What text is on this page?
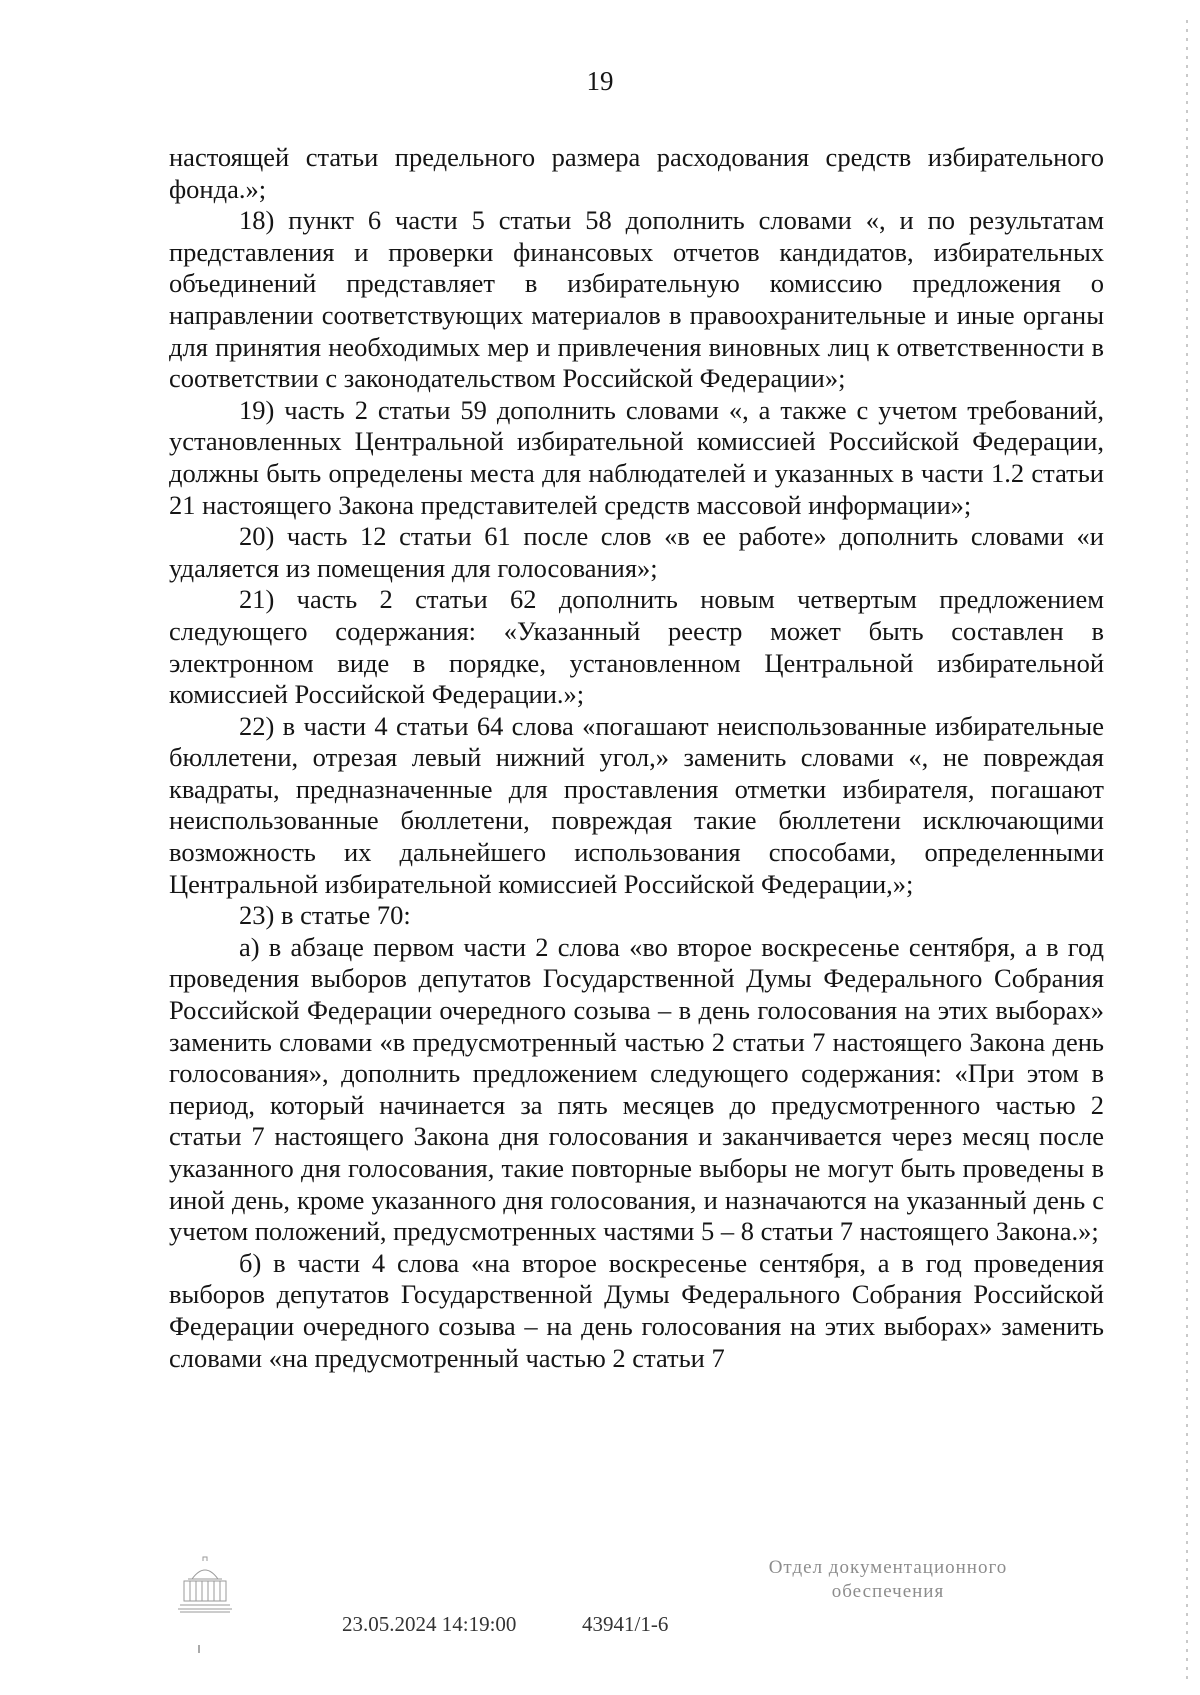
19

настоящей статьи предельного размера расходования средств избирательного фонда.»;

18) пункт 6 части 5 статьи 58 дополнить словами «, и по результатам представления и проверки финансовых отчетов кандидатов, избирательных объединений представляет в избирательную комиссию предложения о направлении соответствующих материалов в правоохранительные и иные органы для принятия необходимых мер и привлечения виновных лиц к ответственности в соответствии с законодательством Российской Федерации»;

19) часть 2 статьи 59 дополнить словами «, а также с учетом требований, установленных Центральной избирательной комиссией Российской Федерации, должны быть определены места для наблюдателей и указанных в части 1.2 статьи 21 настоящего Закона представителей средств массовой информации»;

20) часть 12 статьи 61 после слов «в ее работе» дополнить словами «и удаляется из помещения для голосования»;

21) часть 2 статьи 62 дополнить новым четвертым предложением следующего содержания: «Указанный реестр может быть составлен в электронном виде в порядке, установленном Центральной избирательной комиссией Российской Федерации.»;

22) в части 4 статьи 64 слова «погашают неиспользованные избирательные бюллетени, отрезая левый нижний угол,» заменить словами «, не повреждая квадраты, предназначенные для проставления отметки избирателя, погашают неиспользованные бюллетени, повреждая такие бюллетени исключающими возможность их дальнейшего использования способами, определенными Центральной избирательной комиссией Российской Федерации,»;

23) в статье 70:

а) в абзаце первом части 2 слова «во второе воскресенье сентября, а в год проведения выборов депутатов Государственной Думы Федерального Собрания Российской Федерации очередного созыва – в день голосования на этих выборах» заменить словами «в предусмотренный частью 2 статьи 7 настоящего Закона день голосования», дополнить предложением следующего содержания: «При этом в период, который начинается за пять месяцев до предусмотренного частью 2 статьи 7 настоящего Закона дня голосования и заканчивается через месяц после указанного дня голосования, такие повторные выборы не могут быть проведены в иной день, кроме указанного дня голосования, и назначаются на указанный день с учетом положений, предусмотренных частями 5 – 8 статьи 7 настоящего Закона.»;

б) в части 4 слова «на второе воскресенье сентября, а в год проведения выборов депутатов Государственной Думы Федерального Собрания Российской Федерации очередного созыва – на день голосования на этих выборах» заменить словами «на предусмотренный частью 2 статьи 7

23.05.2024 14:19:00	43941/1-6
Отдел документационного
обеспечения
